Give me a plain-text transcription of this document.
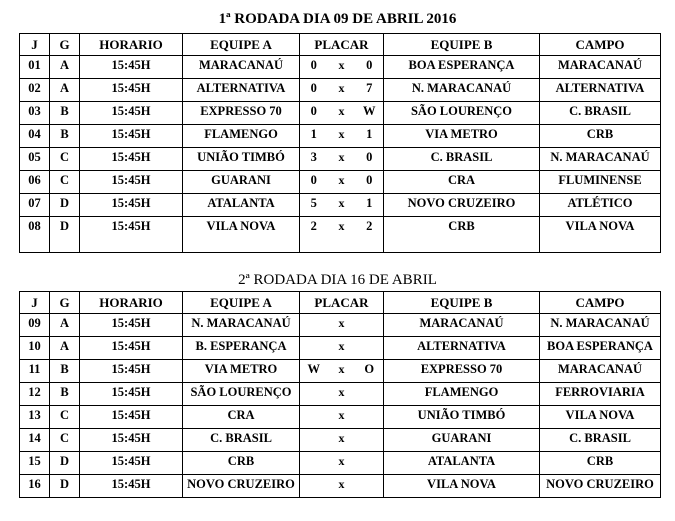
1ª RODADA DIA 09 DE ABRIL 2016
J	G	HORARIO	EQUIPE A	PLACAR			EQUIPE B	CAMPO
01	A	15:45H	MARACANAÚ	0	x	0	BOA ESPERANÇA	MARACANAÚ
02	A	15:45H	ALTERNATIVA	0	x	7	N. MARACANAÚ	ALTERNATIVA
03	B	15:45H	EXPRESSO 70	0	x	W	SÃO LOURENÇO	C. BRASIL
04	B	15:45H	FLAMENGO	1	x	1	VIA METRO	CRB
05	C	15:45H	UNIÃO TIMBÓ	3	x	0	C. BRASIL	N. MARACANAÚ
06	C	15:45H	GUARANI	0	x	0	CRA	FLUMINENSE
07	D	15:45H	ATALANTA	5	x	1	NOVO CRUZEIRO	ATLÉTICO
08	D	15:45H	VILA NOVA	2	x	2	CRB	VILA NOVA
2ª RODADA DIA 16 DE ABRIL
J	G	HORARIO	EQUIPE A	PLACAR			EQUIPE B	CAMPO
09	A	15:45H	N. MARACANAÚ		x		MARACANAÚ	N. MARACANAÚ
10	A	15:45H	B. ESPERANÇA		x		ALTERNATIVA	BOA ESPERANÇA
11	B	15:45H	VIA METRO	W	x	O	EXPRESSO 70	MARACANAÚ
12	B	15:45H	SÃO LOURENÇO		x		FLAMENGO	FERROVIARIA
13	C	15:45H	CRA		x		UNIÃO TIMBÓ	VILA NOVA
14	C	15:45H	C. BRASIL		x		GUARANI	C. BRASIL
15	D	15:45H	CRB		x		ATALANTA	CRB
16	D	15:45H	NOVO CRUZEIRO		x		VILA NOVA	NOVO CRUZEIRO
